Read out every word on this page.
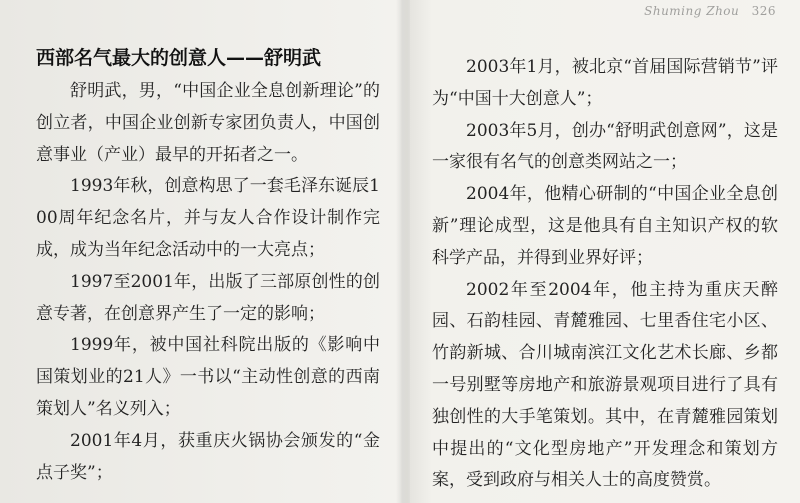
西部名气最大的创意人——舒明武

舒明武，男，“中国企业全息创新理论”的创立者，中国企业创新专家团负责人，中国创意事业（产业）最早的开拓者之一。

1993年秋，创意构思了一套毛泽东诞辰100周年纪念名片，并与友人合作设计制作完成，成为当年纪念活动中的一大亮点；

1997至2001年，出版了三部原创性的创意专著，在创意界产生了一定的影响；

1999年，被中国社科院出版的《影响中国策划业的21人》一书以“主动性创意的西南策划人”名义列入；

2001年4月，获重庆火锅协会颁发的“金点子奖”；

Shuming Zhou 326

2003年1月，被北京“首届国际营销节”评为“中国十大创意人”；

2003年5月，创办“舒明武创意网”，这是一家很有名气的创意类网站之一；

2004年，他精心研制的“中国企业全息创新”理论成型，这是他具有自主知识产权的软科学产品，并得到业界好评；

2002年至2004年，他主持为重庆天醉园、石韵桂园、青麓雅园、七里香住宅小区、竹韵新城、合川城南滨江文化艺术长廊、乡都一号别墅等房地产和旅游景观项目进行了具有独创性的大手笔策划。其中，在青麓雅园策划中提出的“文化型房地产”开发理念和策划方案，受到政府与相关人士的高度赞赏。
